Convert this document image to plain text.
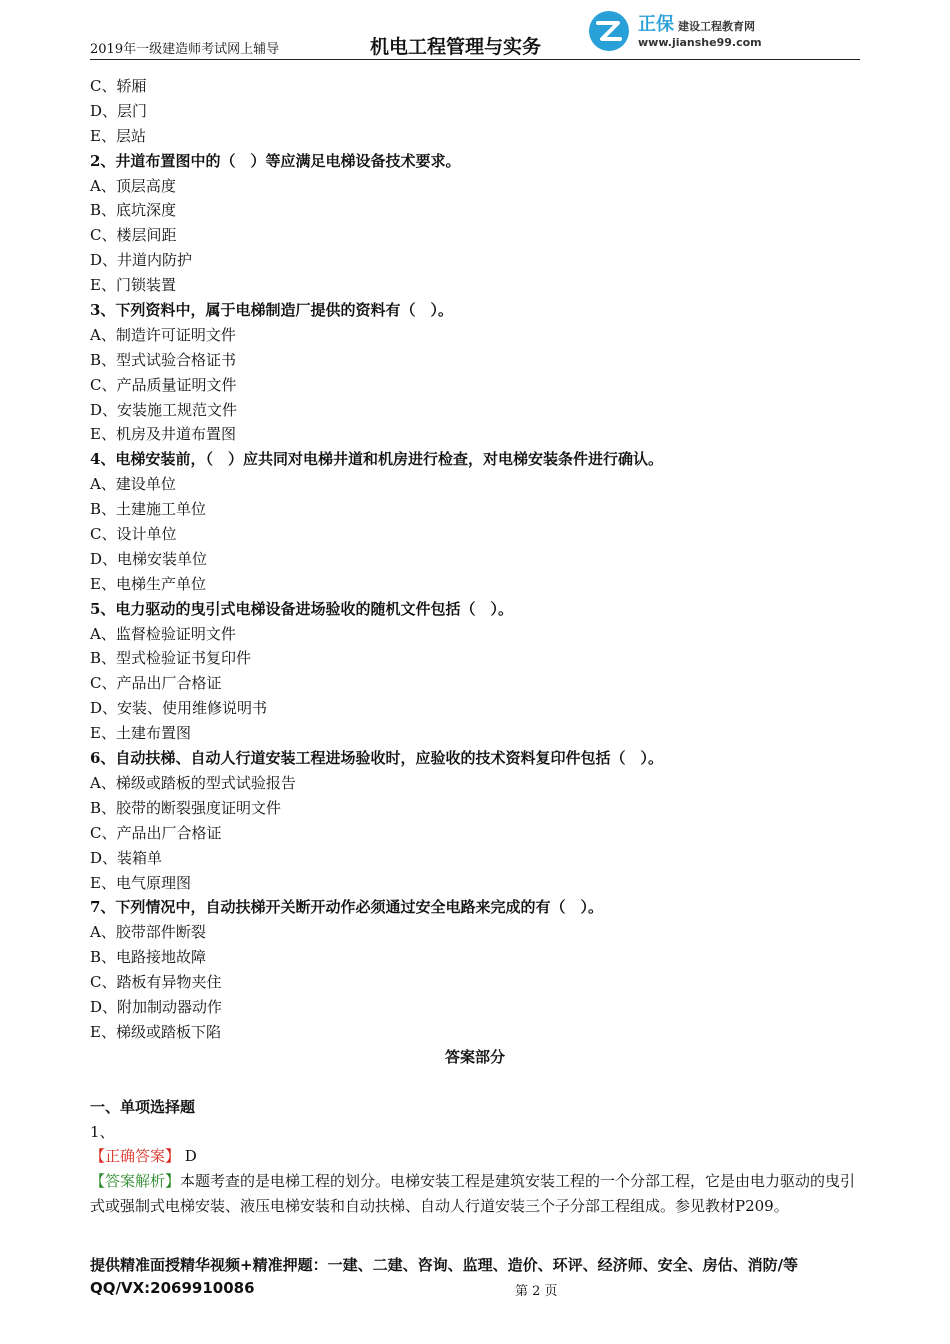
2019年一级建造师考试网上辅导	机电工程管理与实务
正保 建设工程教育网
www.jianshe99.com
C、轿厢
D、层门
E、层站
2、井道布置图中的（　）等应满足电梯设备技术要求。
A、顶层高度
B、底坑深度
C、楼层间距
D、井道内防护
E、门锁装置
3、下列资料中，属于电梯制造厂提供的资料有（　）。
A、制造许可证明文件
B、型式试验合格证书
C、产品质量证明文件
D、安装施工规范文件
E、机房及井道布置图
4、电梯安装前，（　）应共同对电梯井道和机房进行检查，对电梯安装条件进行确认。
A、建设单位
B、土建施工单位
C、设计单位
D、电梯安装单位
E、电梯生产单位
5、电力驱动的曳引式电梯设备进场验收的随机文件包括（　）。
A、监督检验证明文件
B、型式检验证书复印件
C、产品出厂合格证
D、安装、使用维修说明书
E、土建布置图
6、自动扶梯、自动人行道安装工程进场验收时，应验收的技术资料复印件包括（　）。
A、梯级或踏板的型式试验报告
B、胶带的断裂强度证明文件
C、产品出厂合格证
D、装箱单
E、电气原理图
7、下列情况中，自动扶梯开关断开动作必须通过安全电路来完成的有（　）。
A、胶带部件断裂
B、电路接地故障
C、踏板有异物夹住
D、附加制动器动作
E、梯级或踏板下陷
答案部分
一、单项选择题
1、
【正确答案】 D
【答案解析】本题考查的是电梯工程的划分。电梯安装工程是建筑安装工程的一个分部工程，它是由电力驱动的曳引式或强制式电梯安装、液压电梯安装和自动扶梯、自动人行道安装三个子分部工程组成。参见教材P209。
提供精准面授精华视频+精准押题：一建、二建、咨询、监理、造价、环评、经济师、安全、房估、消防/等
QQ/VX:2069910086	第 2 页
